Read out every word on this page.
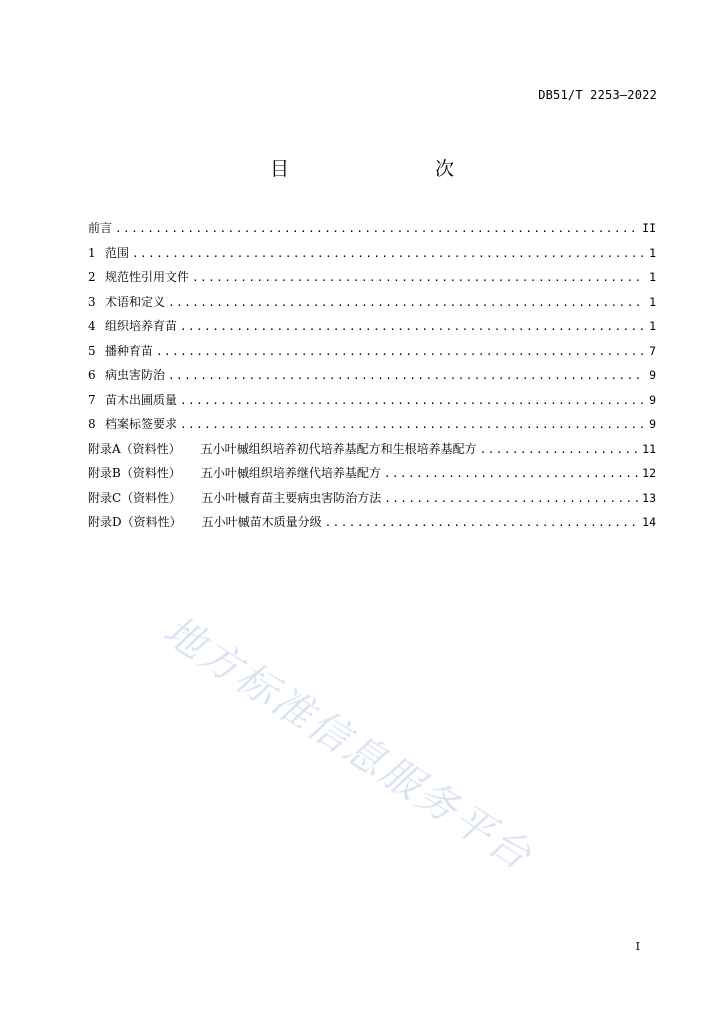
DB51/T 2253—2022
目　　次
前言 . . .	II
1 范围 . . .	1
2 规范性引用文件 . . .	1
3 术语和定义 . . .	1
4 组织培养育苗 . . .	1
5 播种育苗 . . .	7
6 病虫害防治 . . .	9
7 苗木出圃质量 . . .	9
8 档案标签要求 . . .	9
附录A（资料性） 五小叶槭组织培养初代培养基配方和生根培养基配方 . . .	11
附录B（资料性） 五小叶槭组织培养继代培养基配方 . . .	12
附录C（资料性） 五小叶槭育苗主要病虫害防治方法 . . .	13
附录D（资料性） 五小叶槭苗木质量分级 . . .	14
地方标准信息服务平台
I
